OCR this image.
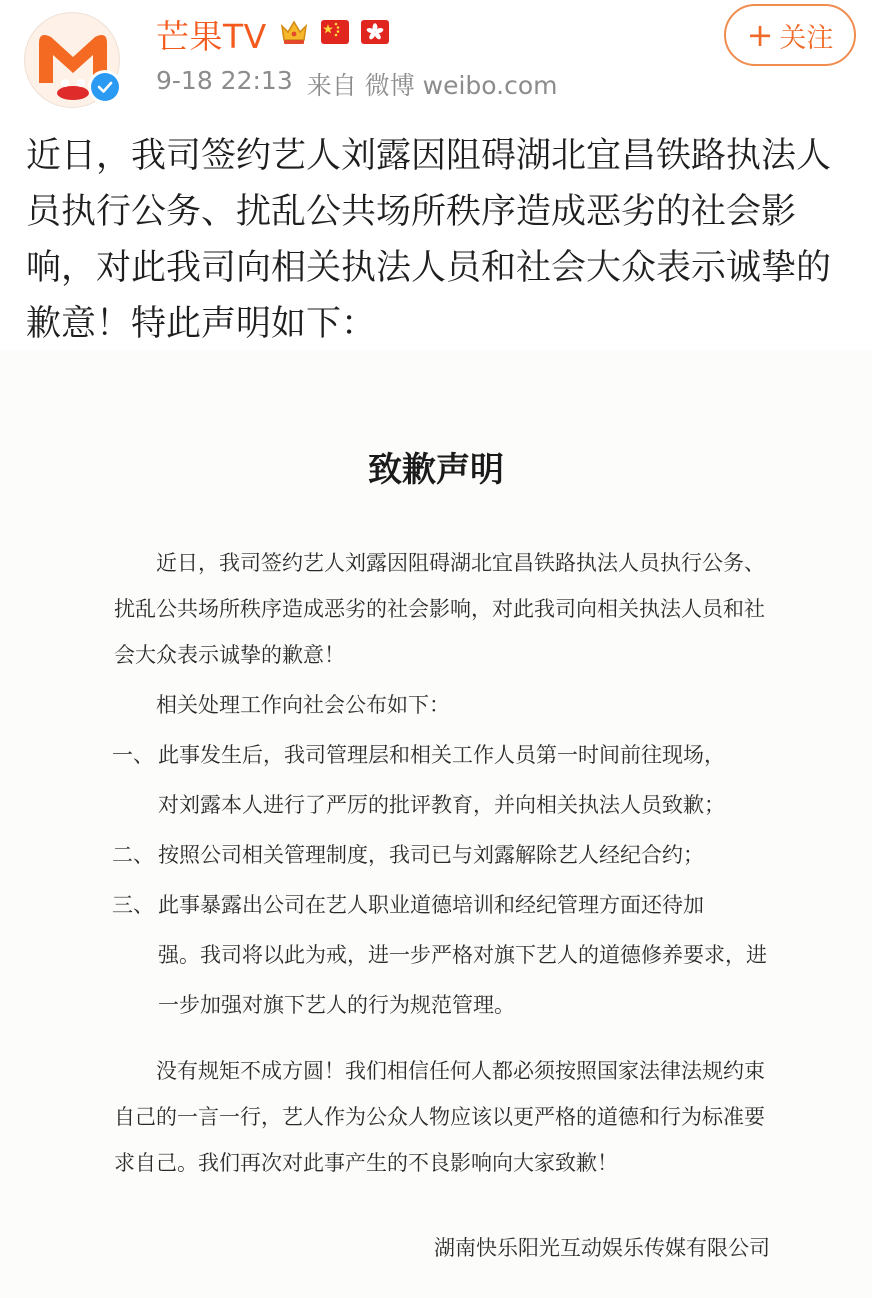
芒果TV
9-18 22:13 来自 微博 weibo.com
+ 关注
近日，我司签约艺人刘露因阻碍湖北宜昌铁路执法人员执行公务、扰乱公共场所秩序造成恶劣的社会影响，对此我司向相关执法人员和社会大众表示诚挚的歉意！特此声明如下：
致歉声明
近日，我司签约艺人刘露因阻碍湖北宜昌铁路执法人员执行公务、扰乱公共场所秩序造成恶劣的社会影响，对此我司向相关执法人员和社会大众表示诚挚的歉意！
相关处理工作向社会公布如下：
一、 此事发生后，我司管理层和相关工作人员第一时间前往现场，
对刘露本人进行了严厉的批评教育，并向相关执法人员致歉；
二、 按照公司相关管理制度，我司已与刘露解除艺人经纪合约；
三、 此事暴露出公司在艺人职业道德培训和经纪管理方面还待加
强。我司将以此为戒，进一步严格对旗下艺人的道德修养要求，进一步加强对旗下艺人的行为规范管理。
没有规矩不成方圆！我们相信任何人都必须按照国家法律法规约束自己的一言一行，艺人作为公众人物应该以更严格的道德和行为标准要求自己。我们再次对此事产生的不良影响向大家致歉！
湖南快乐阳光互动娱乐传媒有限公司
